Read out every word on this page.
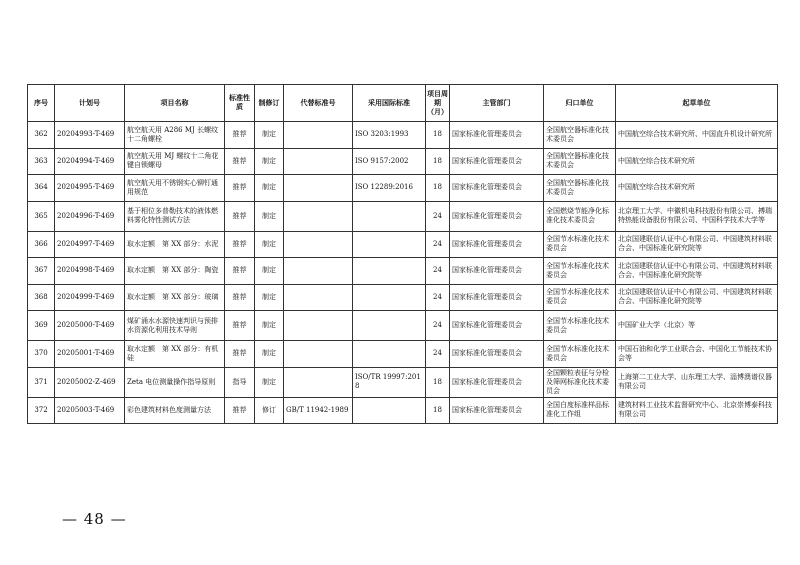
序号	计划号	项目名称	标准性质	制修订	代替标准号	采用国际标准	项目周期（月）	主管部门	归口单位	起草单位
362	20204993-T-469	航空航天用 A286 MJ 长螺纹十二角螺栓	推荐	制定		ISO 3203:1993	18	国家标准化管理委员会	全国航空器标准化技术委员会	中国航空综合技术研究所、中国直升机设计研究所
363	20204994-T-469	航空航天用 MJ 螺纹十二角花键自锁螺母	推荐	制定		ISO 9157:2002	18	国家标准化管理委员会	全国航空器标准化技术委员会	中国航空综合技术研究所
364	20204995-T-469	航空航天用不锈钢实心铆钉通用规范	推荐	制定		ISO 12289:2016	18	国家标准化管理委员会	全国航空器标准化技术委员会	中国航空综合技术研究所
365	20204996-T-469	基于相位多普勒技术的液体燃料雾化特性测试方法	推荐	制定			24	国家标准化管理委员会	全国燃烧节能净化标准化技术委员会	北京理工大学、中徽机电科技股份有限公司、搏瑞特热能设备股份有限公司、中国科学技术大学等
366	20204997-T-469	取水定额　第 XX 部分：水泥	推荐	制定			24	国家标准化管理委员会	全国节水标准化技术委员会	北京国建联信认证中心有限公司、中国建筑材料联合会、中国标准化研究院等
367	20204998-T-469	取水定额　第 XX 部分：陶瓷	推荐	制定			24	国家标准化管理委员会	全国节水标准化技术委员会	北京国建联信认证中心有限公司、中国建筑材料联合会、中国标准化研究院等
368	20204999-T-469	取水定额　第 XX 部分：玻璃	推荐	制定			24	国家标准化管理委员会	全国节水标准化技术委员会	北京国建联信认证中心有限公司、中国建筑材料联合会、中国标准化研究院等
369	20205000-T-469	煤矿涌水水源快速判识与预排水资源化利用技术导则	推荐	制定			24	国家标准化管理委员会	全国节水标准化技术委员会	中国矿业大学（北京）等
370	20205001-T-469	取水定额　第 XX 部分：有机硅	推荐	制定			24	国家标准化管理委员会	全国节水标准化技术委员会	中国石油和化学工业联合会、中国化工节能技术协会等
371	20205002-Z-469	Zeta 电位测量操作指导原则	指导	制定		ISO/TR 19997:2018	18	国家标准化管理委员会	全国颗粒表征与分检及筛网标准化技术委员会	上海第二工业大学、山东理工大学、淄博澳谱仪器有限公司
372	20205003-T-469	彩色建筑材料色度测量方法	推荐	修订	GB/T 11942-1989		18	国家标准化管理委员会	全国白度标准样品标准化工作组	建筑材料工业技术监督研究中心、北京崇博泰科技有限公司
— 48 —
